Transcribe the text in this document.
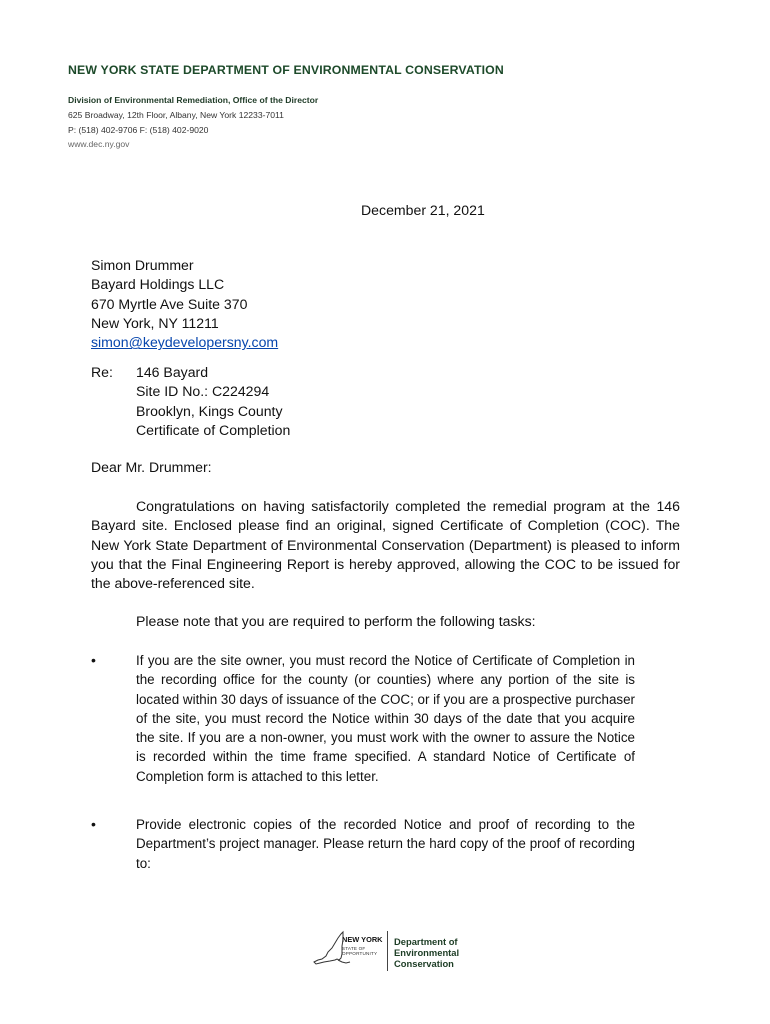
NEW YORK STATE DEPARTMENT OF ENVIRONMENTAL CONSERVATION
Division of Environmental Remediation, Office of the Director
625 Broadway, 12th Floor, Albany, New York 12233-7011
P: (518) 402-9706 F: (518) 402-9020
www.dec.ny.gov
December 21, 2021
Simon Drummer
Bayard Holdings LLC
670 Myrtle Ave Suite 370
New York, NY 11211
simon@keydevelopersny.com
Re: 146 Bayard
Site ID No.: C224294
Brooklyn, Kings County
Certificate of Completion
Dear Mr. Drummer:

Congratulations on having satisfactorily completed the remedial program at the 146 Bayard site. Enclosed please find an original, signed Certificate of Completion (COC). The New York State Department of Environmental Conservation (Department) is pleased to inform you that the Final Engineering Report is hereby approved, allowing the COC to be issued for the above-referenced site.

Please note that you are required to perform the following tasks:
•	If you are the site owner, you must record the Notice of Certificate of Completion in the recording office for the county (or counties) where any portion of the site is located within 30 days of issuance of the COC; or if you are a prospective purchaser of the site, you must record the Notice within 30 days of the date that you acquire the site. If you are a non-owner, you must work with the owner to assure the Notice is recorded within the time frame specified. A standard Notice of Certificate of Completion form is attached to this letter.
•	Provide electronic copies of the recorded Notice and proof of recording to the Department’s project manager. Please return the hard copy of the proof of recording to:
NEW YORK
STATE OF
OPPORTUNITY
Department of
Environmental
Conservation
